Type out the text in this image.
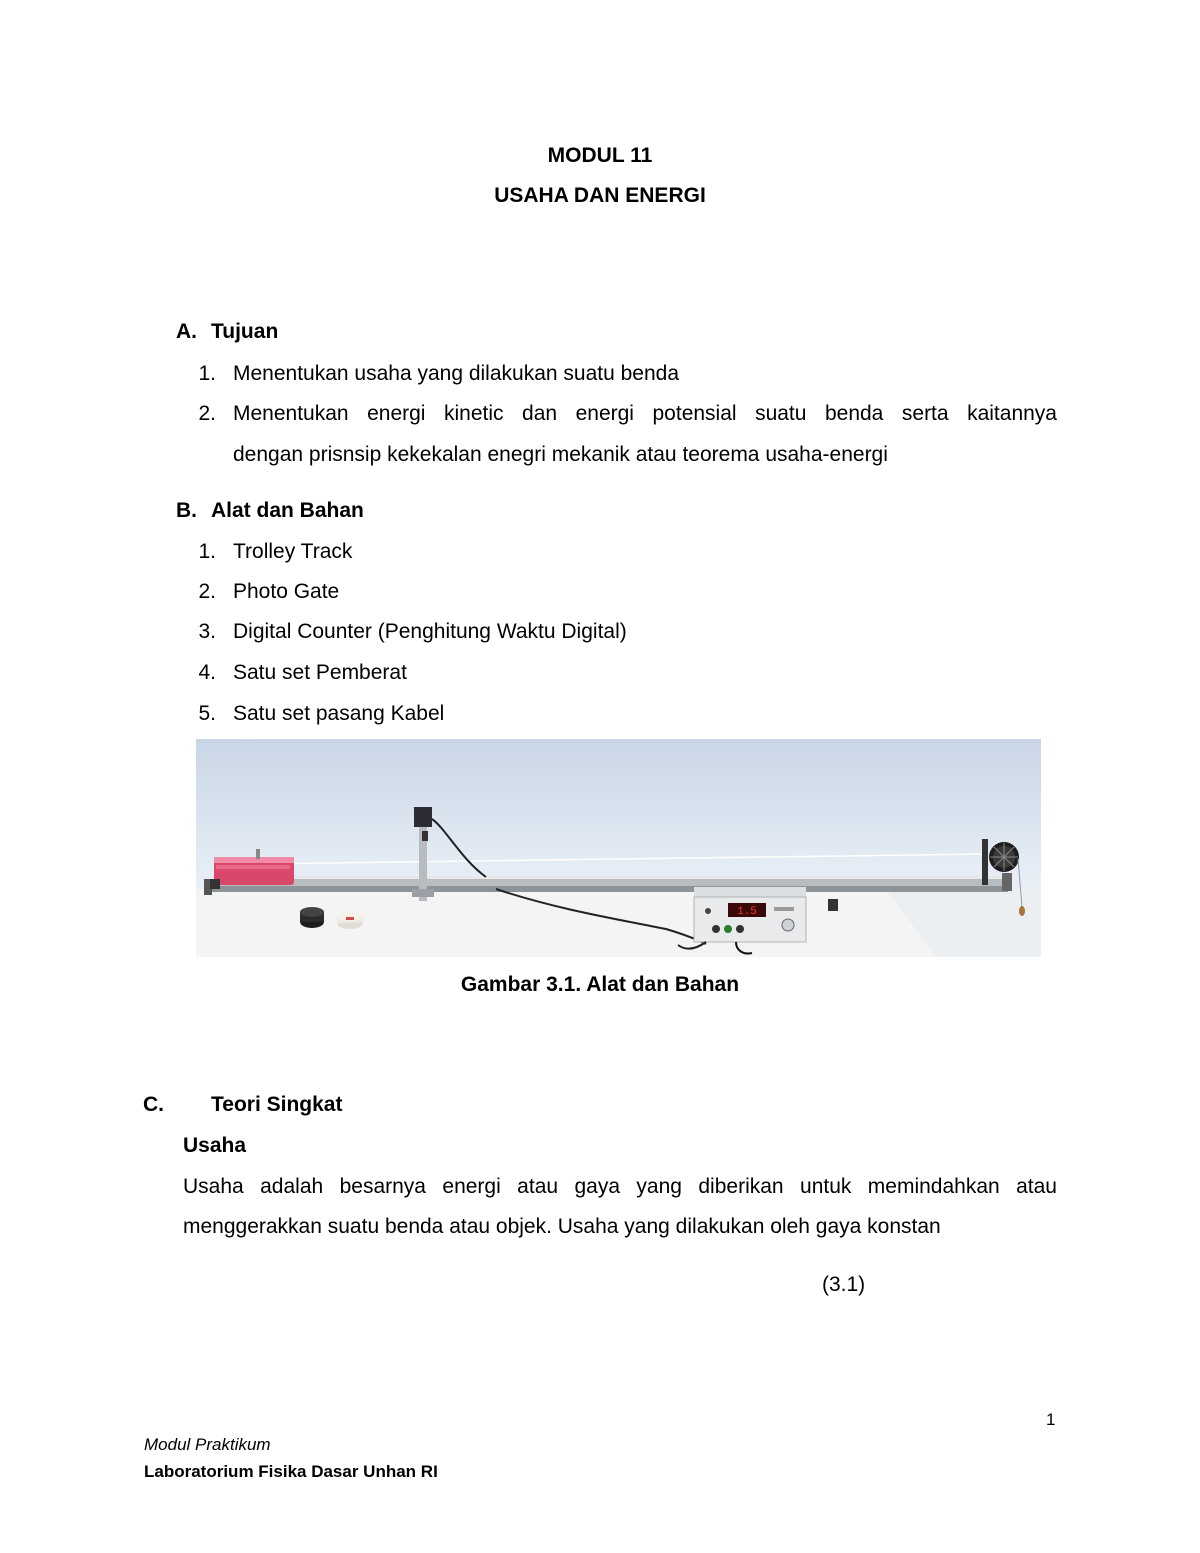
MODUL 11
USAHA DAN ENERGI
A. Tujuan
1. Menentukan usaha yang dilakukan suatu benda
2. Menentukan energi kinetic dan energi potensial suatu benda serta kaitannya
dengan prisnsip kekekalan enegri mekanik atau teorema usaha-energi
B. Alat dan Bahan
1. Trolley Track
2. Photo Gate
3. Digital Counter (Penghitung Waktu Digital)
4. Satu set Pemberat
5. Satu set pasang Kabel
1.5
Gambar 3.1. Alat dan Bahan
C. Teori Singkat
Usaha
Usaha adalah besarnya energi atau gaya yang diberikan untuk memindahkan atau
menggerakkan suatu benda atau objek. Usaha yang dilakukan oleh gaya konstan
(3.1)
1
Modul Praktikum
Laboratorium Fisika Dasar Unhan RI
